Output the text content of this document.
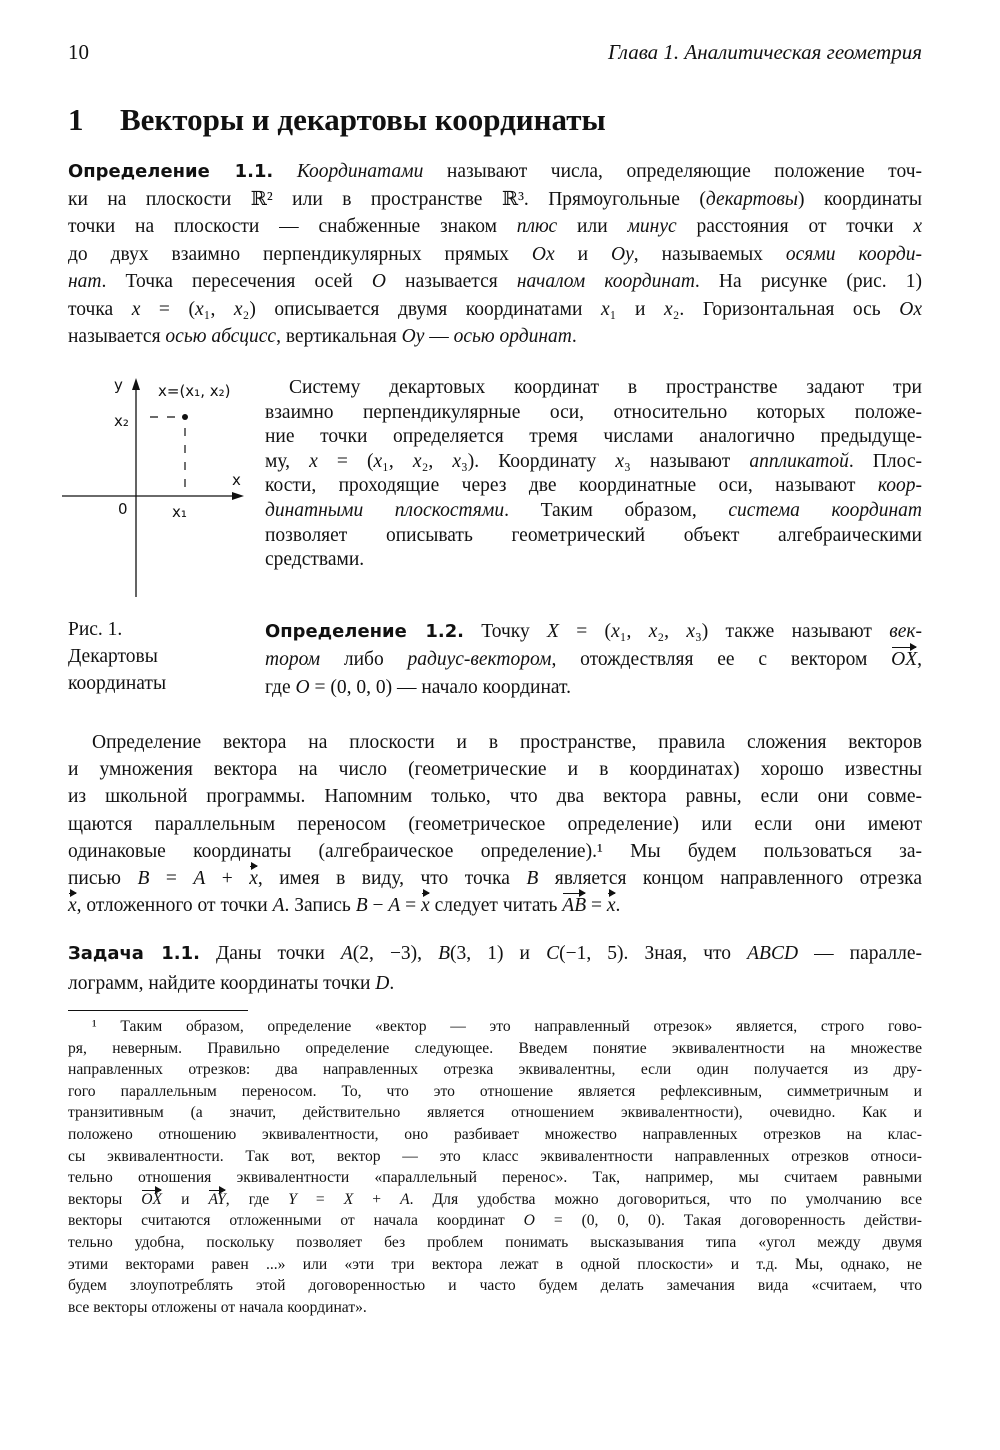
10	Глава 1. Аналитическая геометрия
1 Векторы и декартовы координаты
Определение 1.1. Координатами называют числа, определяющие положение точ-
ки на плоскости ℝ² или в пространстве ℝ³. Прямоугольные (декартовы) координаты
точки на плоскости — снабженные знаком плюс или минус расстояния от точки x
до двух взаимно перпендикулярных прямых Ox и Oy, называемых осями коорди-
нат. Точка пересечения осей O называется началом координат. На рисунке (рис. 1)
точка x = (x₁, x₂) описывается двумя координатами x₁ и x₂. Горизонтальная ось Ox
называется осью абсцисс, вертикальная Oy — осью ординат.
y x=(x₁, x₂)
x₂
x
0	x₁
Систему декартовых координат в пространстве задают три
взаимно перпендикулярные оси, относительно которых положе-
ние точки определяется тремя числами аналогично предыдуще-
му, x = (x₁, x₂, x₃). Координату x₃ называют аппликатой. Плос-
кости, проходящие через две координатные оси, называют коор-
динатными плоскостями. Таким образом, система координат
позволяет описывать геометрический объект алгебраическими
средствами.
Рис. 1.
Декартовы
координаты
Определение 1.2. Точку X = (x₁, x₂, x₃) также называют век-
тором либо радиус-вектором, отождествляя ее с вектором OX,
где O = (0, 0, 0) — начало координат.
Определение вектора на плоскости и в пространстве, правила сложения векторов
и умножения вектора на число (геометрические и в координатах) хорошо известны
из школьной программы. Напомним только, что два вектора равны, если они совме-
щаются параллельным переносом (геометрическое определение) или если они имеют
одинаковые координаты (алгебраическое определение).¹ Мы будем пользоваться за-
писью B = A + x, имея в виду, что точка B является концом направленного отрезка
x, отложенного от точки A. Запись B − A = x следует читать AB = x.
Задача 1.1. Даны точки A(2, −3), B(3, 1) и C(−1, 5). Зная, что ABCD — паралле-
лограмм, найдите координаты точки D.
¹ Таким образом, определение «вектор — это направленный отрезок» является, строго гово-
ря, неверным. Правильно определение следующее. Введем понятие эквивалентности на множестве
направленных отрезков: два направленных отрезка эквивалентны, если один получается из дру-
гого параллельным переносом. То, что это отношение является рефлексивным, симметричным и
транзитивным (а значит, действительно является отношением эквивалентности), очевидно. Как и
положено отношению эквивалентности, оно разбивает множество направленных отрезков на клас-
сы эквивалентности. Так вот, вектор — это класс эквивалентности направленных отрезков относи-
тельно отношения эквивалентности «параллельный перенос». Так, например, мы считаем равными
векторы OX и AY, где Y = X + A. Для удобства можно договориться, что по умолчанию все
векторы считаются отложенными от начала координат O = (0, 0, 0). Такая договоренность действи-
тельно удобна, поскольку позволяет без проблем понимать высказывания типа «угол между двумя
этими векторами равен ...» или «эти три вектора лежат в одной плоскости» и т.д. Мы, однако, не
будем злоупотреблять этой договоренностью и часто будем делать замечания вида «считаем, что
все векторы отложены от начала координат».
